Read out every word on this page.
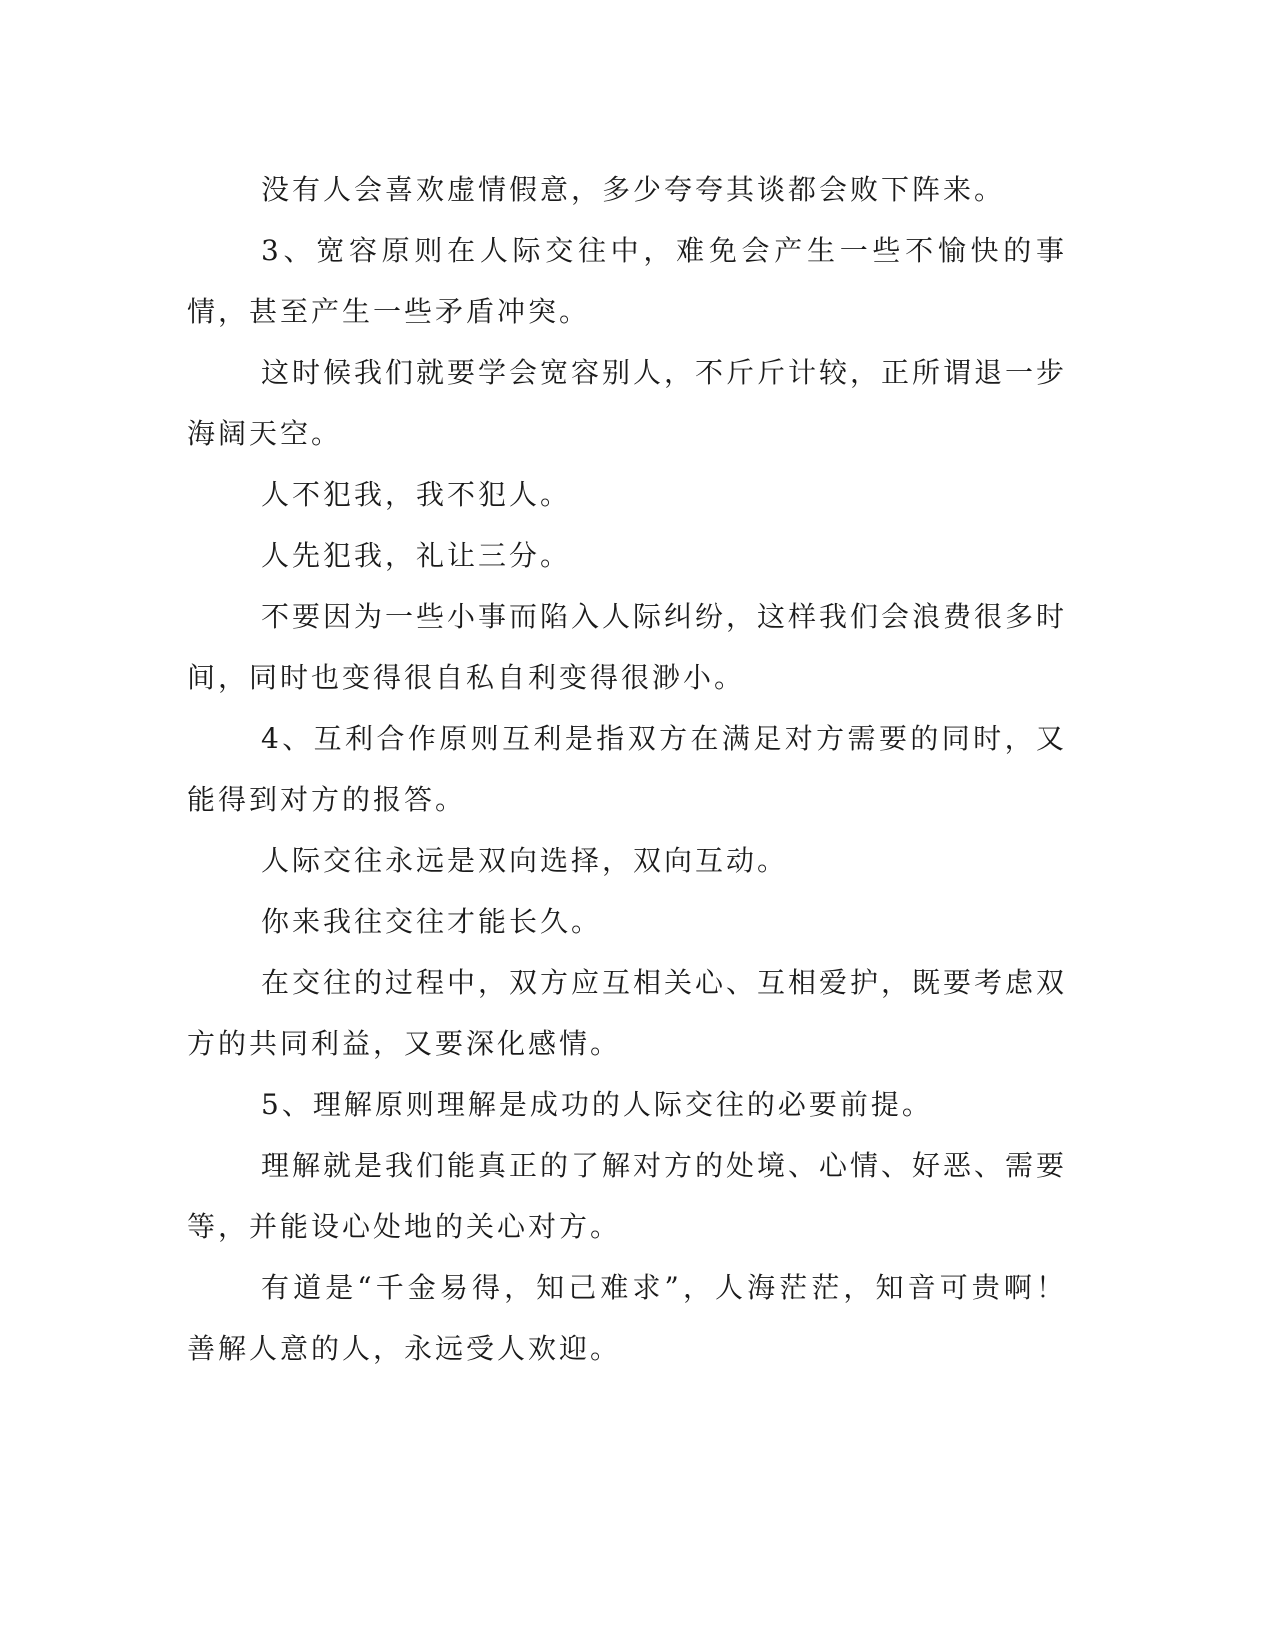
没有人会喜欢虚情假意，多少夸夸其谈都会败下阵来。

3、宽容原则在人际交往中，难免会产生一些不愉快的事情，甚至产生一些矛盾冲突。

这时候我们就要学会宽容别人，不斤斤计较，正所谓退一步海阔天空。

人不犯我，我不犯人。

人先犯我，礼让三分。

不要因为一些小事而陷入人际纠纷，这样我们会浪费很多时间，同时也变得很自私自利变得很渺小。

4、互利合作原则互利是指双方在满足对方需要的同时，又能得到对方的报答。

人际交往永远是双向选择，双向互动。

你来我往交往才能长久。

在交往的过程中，双方应互相关心、互相爱护，既要考虑双方的共同利益，又要深化感情。

5、理解原则理解是成功的人际交往的必要前提。

理解就是我们能真正的了解对方的处境、心情、好恶、需要等，并能设心处地的关心对方。

有道是“千金易得，知己难求”，人海茫茫，知音可贵啊！善解人意的人，永远受人欢迎。
